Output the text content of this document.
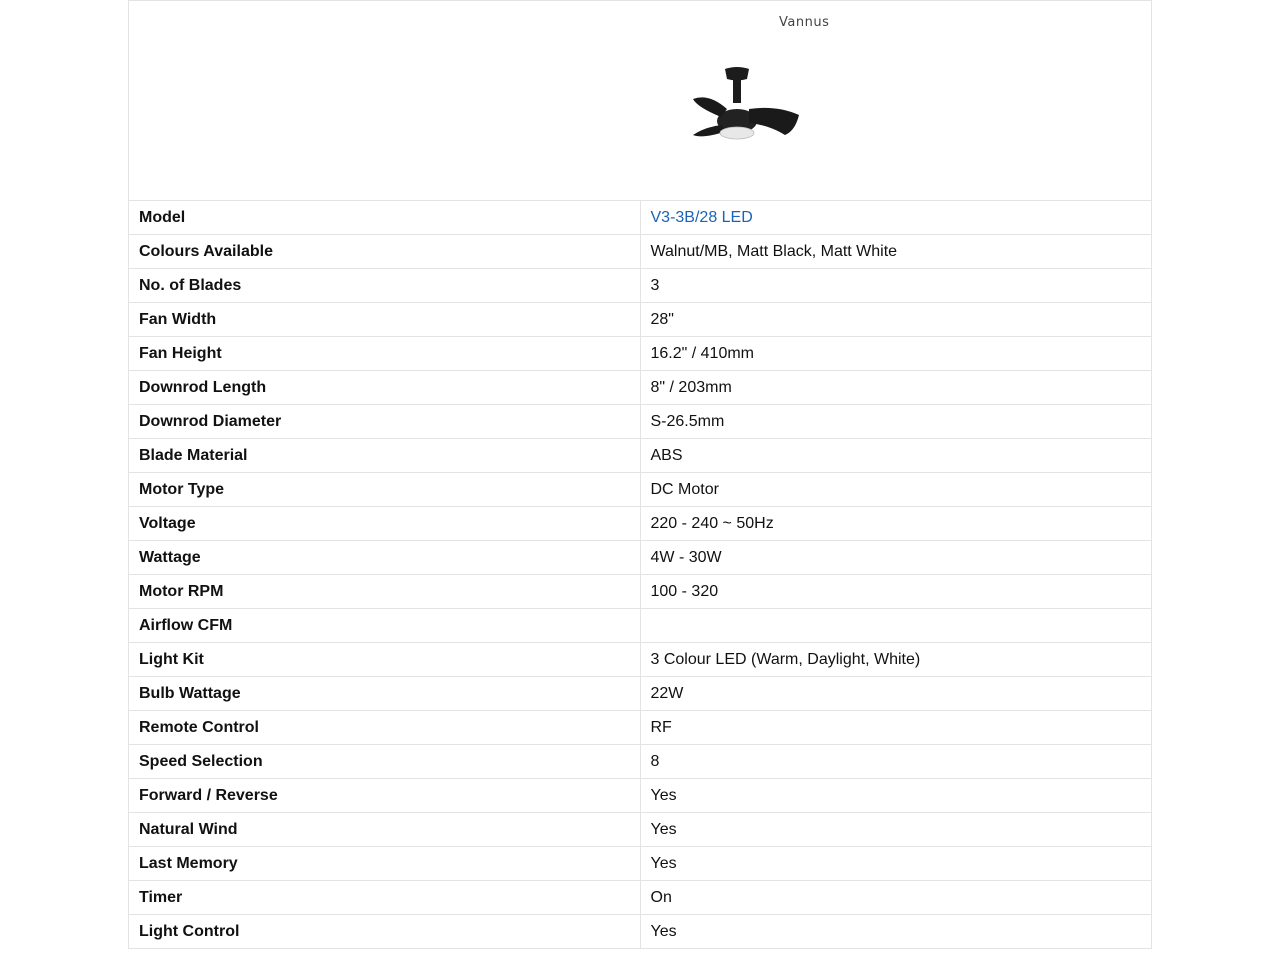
Vannus	

Model	V3-3B/28 LED
Colours Available	Walnut/MB, Matt Black, Matt White
No. of Blades	3
Fan Width	28"
Fan Height	16.2" / 410mm
Downrod Length	8" / 203mm
Downrod Diameter	S-26.5mm
Blade Material	ABS
Motor Type	DC Motor
Voltage	220 - 240 ~ 50Hz
Wattage	4W - 30W
Motor RPM	100 - 320
Airflow CFM	
Light Kit	3 Colour LED (Warm, Daylight, White)
Bulb Wattage	22W
Remote Control	RF
Speed Selection	8
Forward / Reverse	Yes
Natural Wind	Yes
Last Memory	Yes
Timer	On
Light Control	Yes
